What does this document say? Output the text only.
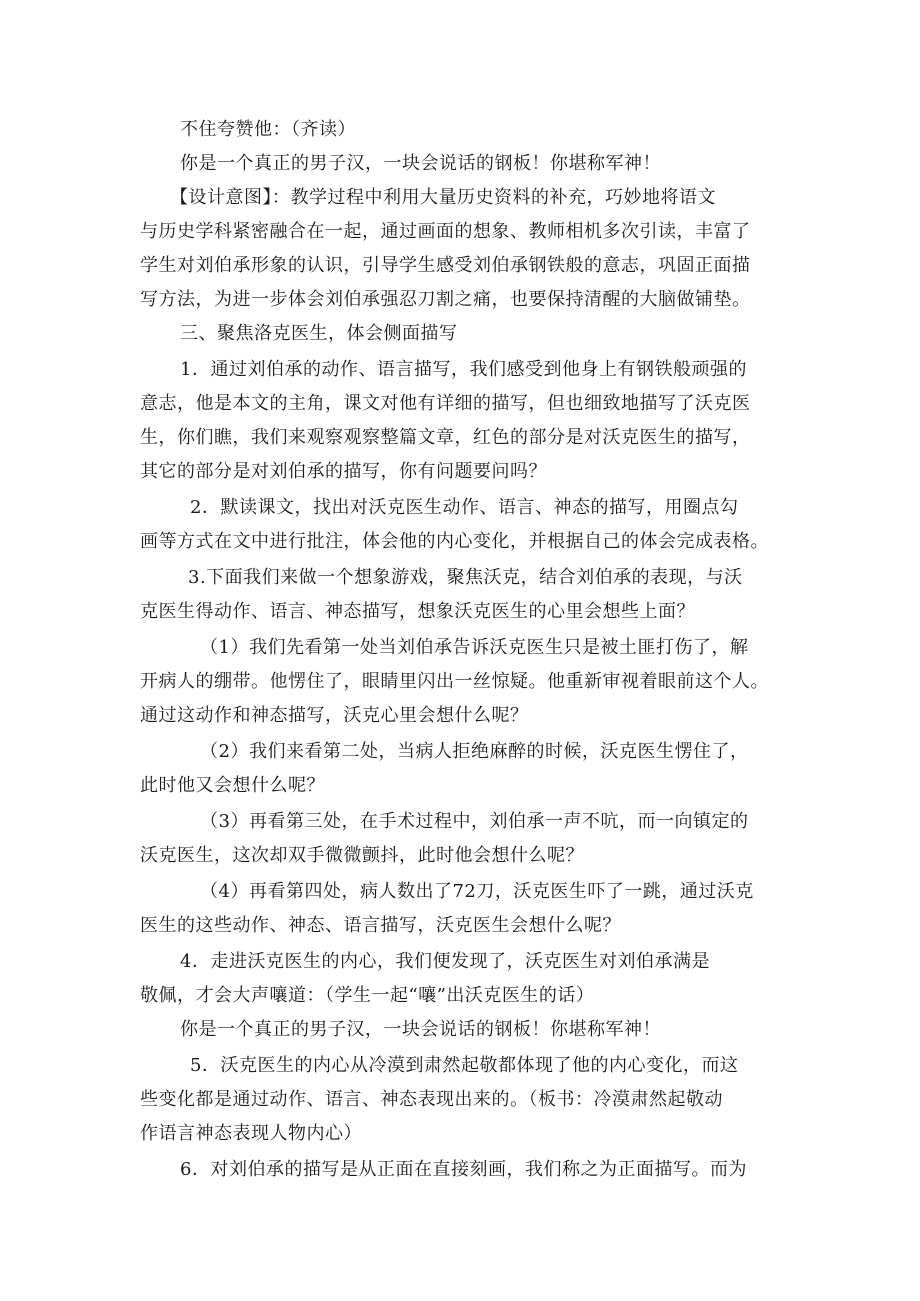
不住夸赞他：（齐读）
你是一个真正的男子汉，一块会说话的钢板！你堪称军神！
【设计意图】：教学过程中利用大量历史资料的补充，巧妙地将语文
与历史学科紧密融合在一起，通过画面的想象、教师相机多次引读，丰富了
学生对刘伯承形象的认识，引导学生感受刘伯承钢铁般的意志，巩固正面描
写方法，为进一步体会刘伯承强忍刀割之痛，也要保持清醒的大脑做铺垫。
三、聚焦洛克医生，体会侧面描写
1．通过刘伯承的动作、语言描写，我们感受到他身上有钢铁般顽强的
意志，他是本文的主角，课文对他有详细的描写，但也细致地描写了沃克医
生，你们瞧，我们来观察观察整篇文章，红色的部分是对沃克医生的描写，
其它的部分是对刘伯承的描写，你有问题要问吗？
2．默读课文，找出对沃克医生动作、语言、神态的描写，用圈点勾
画等方式在文中进行批注，体会他的内心变化，并根据自己的体会完成表格。
3.下面我们来做一个想象游戏，聚焦沃克，结合刘伯承的表现，与沃
克医生得动作、语言、神态描写，想象沃克医生的心里会想些上面？
（1）我们先看第一处当刘伯承告诉沃克医生只是被土匪打伤了，解
开病人的绷带。他愣住了，眼睛里闪出一丝惊疑。他重新审视着眼前这个人。
通过这动作和神态描写，沃克心里会想什么呢？
（2）我们来看第二处，当病人拒绝麻醉的时候，沃克医生愣住了，
此时他又会想什么呢？
（3）再看第三处，在手术过程中，刘伯承一声不吭，而一向镇定的
沃克医生，这次却双手微微颤抖，此时他会想什么呢？
（4）再看第四处，病人数出了72刀，沃克医生吓了一跳，通过沃克
医生的这些动作、神态、语言描写，沃克医生会想什么呢？
4．走进沃克医生的内心，我们便发现了，沃克医生对刘伯承满是
敬佩，才会大声嚷道：（学生一起“嚷”出沃克医生的话）
你是一个真正的男子汉，一块会说话的钢板！你堪称军神！
5．沃克医生的内心从冷漠到肃然起敬都体现了他的内心变化，而这
些变化都是通过动作、语言、神态表现出来的。（板书：冷漠肃然起敬动
作语言神态表现人物内心）
6．对刘伯承的描写是从正面在直接刻画，我们称之为正面描写。而为
